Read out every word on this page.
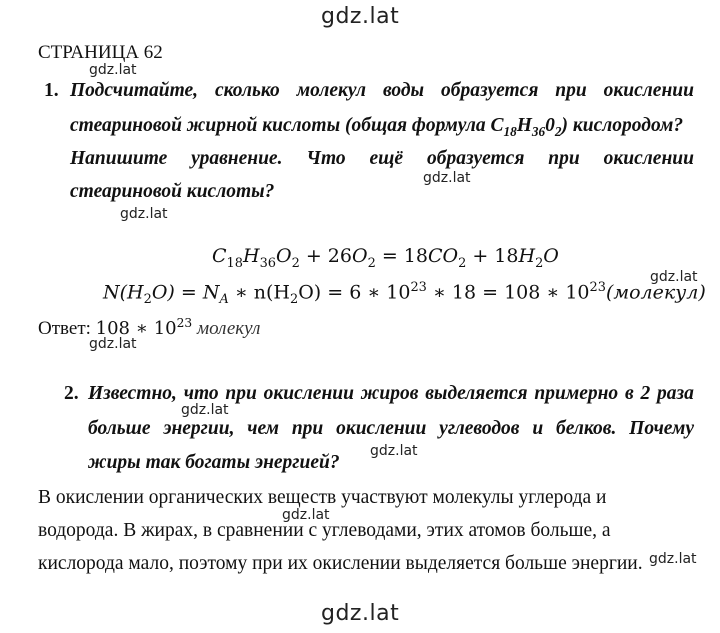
gdz.lat
gdz.lat
gdz.lat
gdz.lat
gdz.lat
gdz.lat
gdz.lat
gdz.lat
gdz.lat
gdz.lat
gdz.lat
СТРАНИЦА 62
1. Подсчитайте, сколько молекул воды образуется при окислении
стеариновой жирной кислоты (общая формула $C_{18}H_{36}0_2$) кислородом?
Напишите уравнение. Что ещё образуется при окислении
стеариновой кислоты?
$C_{18}H_{36}O_2 + 26O_2 = 18CO_2 + 18H_2O$
$N(H_2O) = N_A$ ∗ $n(H_2O) = 6$ ∗ $10^{23}$ ∗ 18 = 108 ∗ $10^{23}(молекул)$
Ответ: 108 ∗ $10^{23}$ молекул
2. Известно, что при окислении жиров выделяется примерно в 2 раза
больше энергии, чем при окислении углеводов и белков. Почему
жиры так богаты энергией?
В окислении органических веществ участвуют молекулы углерода и
водорода. В жирах, в сравнении с углеводами, этих атомов больше, а
кислорода мало, поэтому при их окислении выделяется больше энергии.
